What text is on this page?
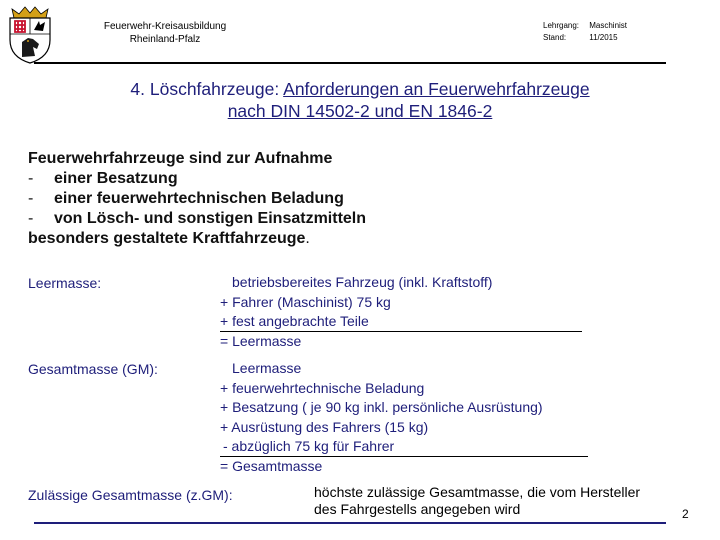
Feuerwehr-Kreisausbildung
Rheinland-Pfalz
Lehrgang: Maschinist
Stand:	11/2015
4. Löschfahrzeuge: Anforderungen an Feuerwehrfahrzeuge
nach DIN 14502-2 und EN 1846-2
Feuerwehrfahrzeuge sind zur Aufnahme
- einer Besatzung
- einer feuerwehrtechnischen Beladung
- von Lösch- und sonstigen Einsatzmitteln
besonders gestaltete Kraftfahrzeuge.
Leermasse:	betriebsbereites Fahrzeug (inkl. Kraftstoff)
+ Fahrer (Maschinist) 75 kg
+ fest angebrachte Teile
= Leermasse
Gesamtmasse (GM):	Leermasse
+ feuerwehrtechnische Beladung
+ Besatzung ( je 90 kg inkl. persönliche Ausrüstung)
+ Ausrüstung des Fahrers (15 kg)
- abzüglich 75 kg für Fahrer
= Gesamtmasse
Zulässige Gesamtmasse (z.GM):	höchste zulässige Gesamtmasse, die vom Hersteller
des Fahrgestells angegeben wird	2
